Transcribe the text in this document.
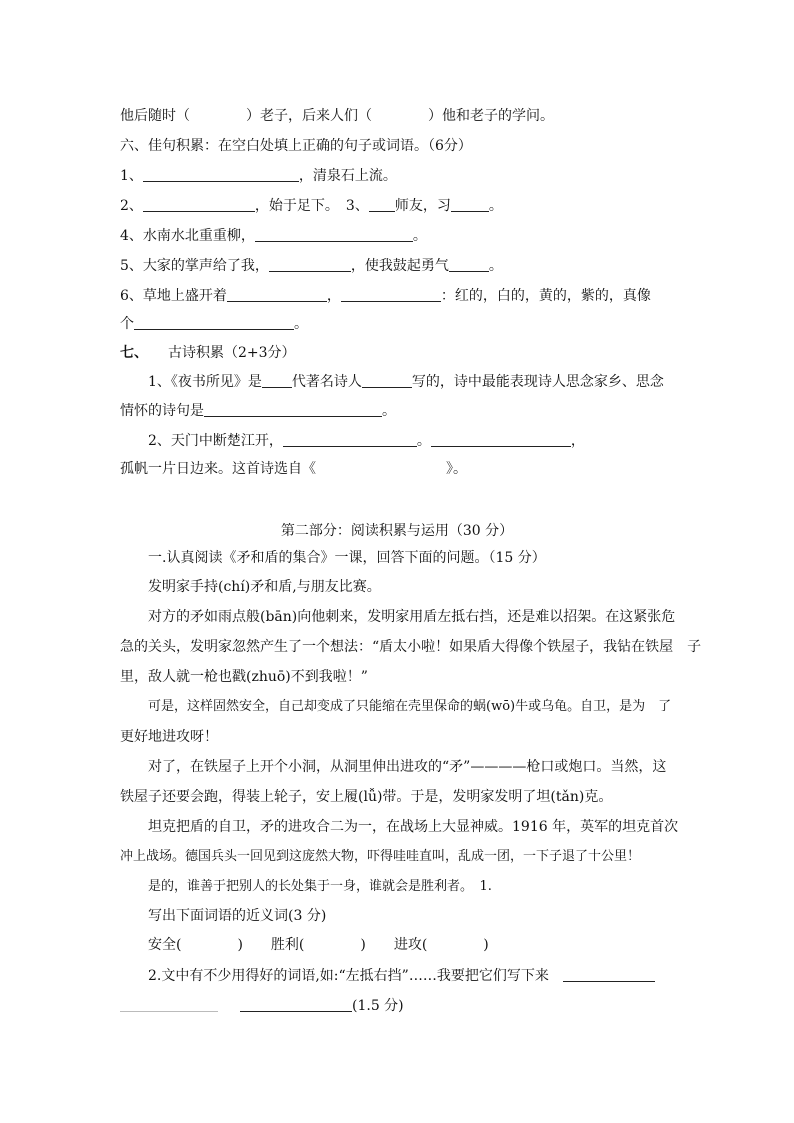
他后随时（　　　　）老子，后来人们（　　　　）他和老子的学问。
六、佳句积累：在空白处填上正确的句子或词语。（6分）
1、	，清泉石上流。
2、	，始于足下。　3、 师友，习	。
4、水南水北重重柳，	。
5、大家的掌声给了我，	，使我鼓起勇气	。
6、草地上盛开着	，	：红的，白的，黄的，紫的，真像
个	。
七、 古诗积累（2+3分）
1、《夜书所见》是 代著名诗人	写的，诗中最能表现诗人思念家乡、思念
情怀的诗句是	。
2、天门中断楚江开，	。	，
孤帆一片日边来。这首诗选自《	》。
第二部分：阅读积累与运用（30 分）
一.认真阅读《矛和盾的集合》一课，回答下面的问题。（15 分）
发明家手持(chí)矛和盾,与朋友比赛。
对方的矛如雨点般(bān)向他刺来，发明家用盾左抵右挡，还是难以招架。在这紧张危
急的关头，发明家忽然产生了一个想法：“盾太小啦！如果盾大得像个铁屋子，我钻在铁屋　子
里，敌人就一枪也戳(zhuō)不到我啦！”
可是，这样固然安全，自己却变成了只能缩在壳里保命的蜗(wō)牛或乌龟。自卫，是为　了
更好地进攻呀！
对了，在铁屋子上开个小洞，从洞里伸出进攻的“矛”————枪口或炮口。当然，这
铁屋子还要会跑，得装上轮子，安上履(lǚ)带。于是，发明家发明了坦(tǎn)克。
坦克把盾的自卫，矛的进攻合二为一，在战场上大显神威。1916 年，英军的坦克首次
冲上战场。德国兵头一回见到这庞然大物，吓得哇哇直叫，乱成一团，一下子退了十公里！
是的，谁善于把别人的长处集于一身，谁就会是胜利者。　1.
写出下面词语的近义词(3 分)
安全(　　　　)　　胜利(　　　　)　　进攻(　　　　)
2.文中有不少用得好的词语,如:“左抵右挡”……我要把它们写下来
(1.5 分)
